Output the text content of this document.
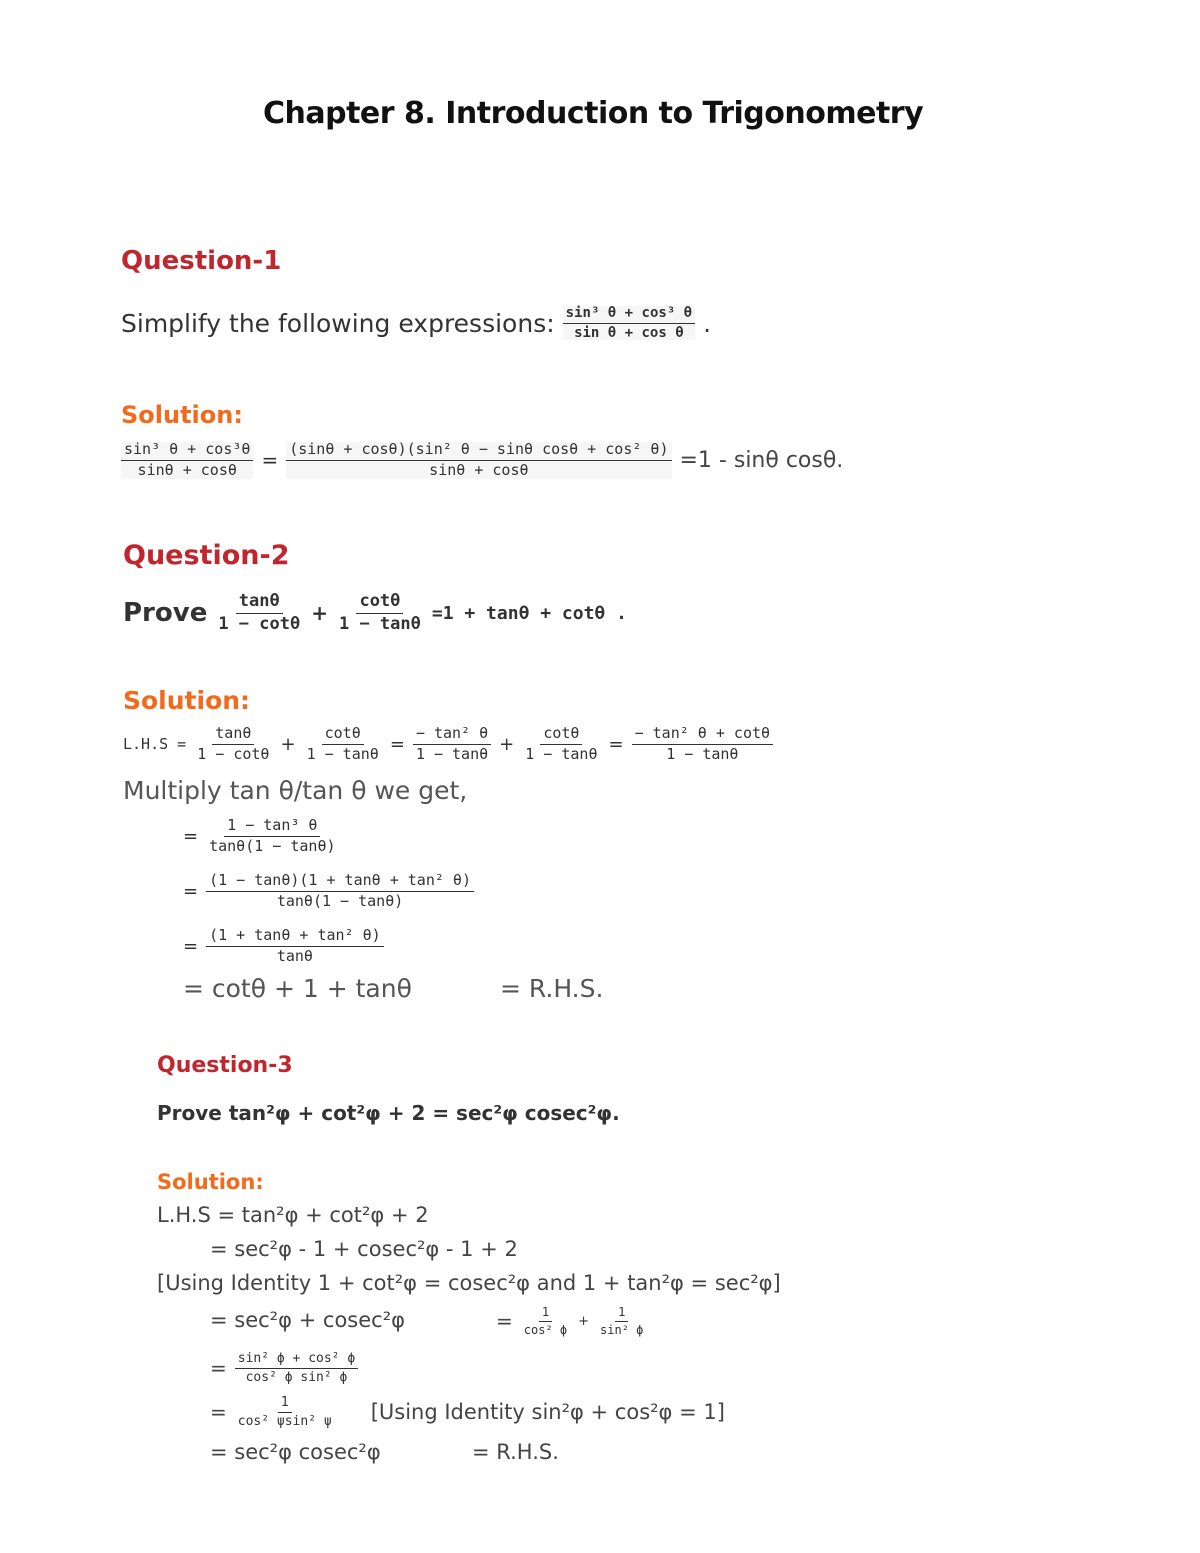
Chapter 8. Introduction to Trigonometry
Question-1
Simplify the following expressions: $\frac{\text{sin³ θ + cos³ θ}}{\text{sin θ + cos θ}}$ .
Solution:
$\frac{\text{sin³ θ + cos³θ}}{\sin\theta + \cos\theta} = \frac{\text{(sinθ + cosθ)(sin² θ − sinθ cosθ + cos² θ)}}{\sin\theta + \cos\theta} =1 - \sin\theta$ cosθ.
Question-2
Prove $\frac{\tan\theta}{1 - \cot\theta} + \frac{\cot\theta}{1 - \tan\theta} =1 + \tan\theta + \cot\theta$ .
Solution:
$L.H.S = \frac{\tan\theta}{1 - \cot\theta} + \frac{\cot\theta}{1 - \tan\theta} = \frac{\text{− tan² θ}}{1 - \tan\theta} + \frac{\cot\theta}{1 - \tan\theta} = \frac{\text{− tan² θ + cotθ}}{1 - \tan\theta}$
Multiply tan θ/tan θ we get,
= $\frac{\text{1 − tan³ θ}}{\tan\theta(1 - \tan\theta)}$
= $\frac{\text{(1 − tanθ)(1 + tanθ + tan² θ)}}{\tan\theta(1 - \tan\theta)}$
= $\frac{\text{(1 + tanθ + tan² θ)}}{\tan\theta}$
= cotθ + 1 + tanθ	= R.H.S.
Question-3
Prove tan²φ + cot²φ + 2 = sec²φ cosec²φ.
Solution:
L.H.S = tan²φ + cot²φ + 2
= sec²φ - 1 + cosec²φ - 1 + 2
[Using Identity 1 + cot²φ = cosec²φ and 1 + tan²φ = sec²φ]
= sec²φ + cosec²φ	= $\frac{1}{\text{cos² ϕ}} + \frac{1}{\text{sin² ϕ}}$
= $\frac{\text{sin² ϕ + cos² ϕ}}{\text{cos² ϕ sin² ϕ}}$
= $\frac{1}{\text{cos² ψsin² ψ}} [Using$ Identity sin²φ + cos²φ = 1]
= sec²φ cosec²φ	= R.H.S.
